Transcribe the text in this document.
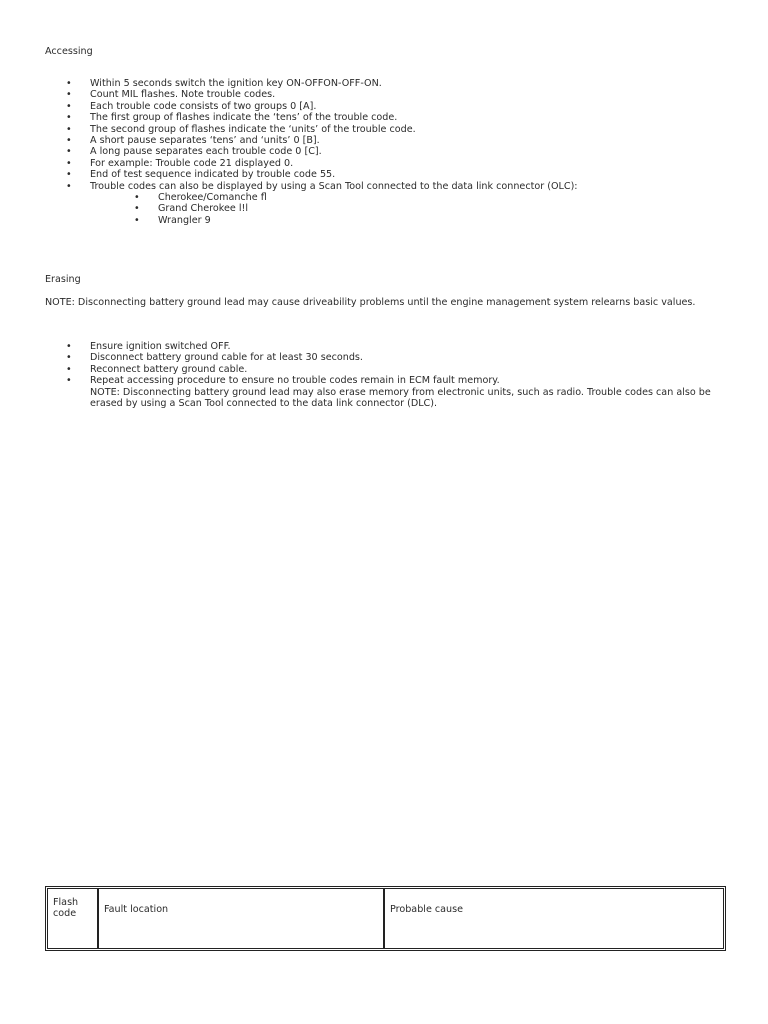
Accessing
• Within 5 seconds switch the ignition key ON-OFFON-OFF-ON.
• Count MIL flashes. Note trouble codes.
• Each trouble code consists of two groups 0 [A].
• The first group of flashes indicate the ‘tens’ of the trouble code.
• The second group of flashes indicate the ‘units’ of the trouble code.
• A short pause separates ‘tens’ and ‘units’ 0 [B].
• A long pause separates each trouble code 0 [C].
• For example: Trouble code 21 displayed 0.
• End of test sequence indicated by trouble code 55.
• Trouble codes can also be displayed by using a Scan Tool connected to the data link connector (OLC):
• Cherokee/Comanche fl
• Grand Cherokee l!l
• Wrangler 9
Erasing

NOTE: Disconnecting battery ground lead may cause driveability problems until the engine management system relearns basic values.

• Ensure ignition switched OFF.
• Disconnect battery ground cable for at least 30 seconds.
• Reconnect battery ground cable.
• Repeat accessing procedure to ensure no trouble codes remain in ECM fault memory.
NOTE: Disconnecting battery ground lead may also erase memory from electronic units, such as radio. Trouble codes can also be erased by using a Scan Tool connected to the data link connector (DLC).
Flash code	Fault location	Probable cause
